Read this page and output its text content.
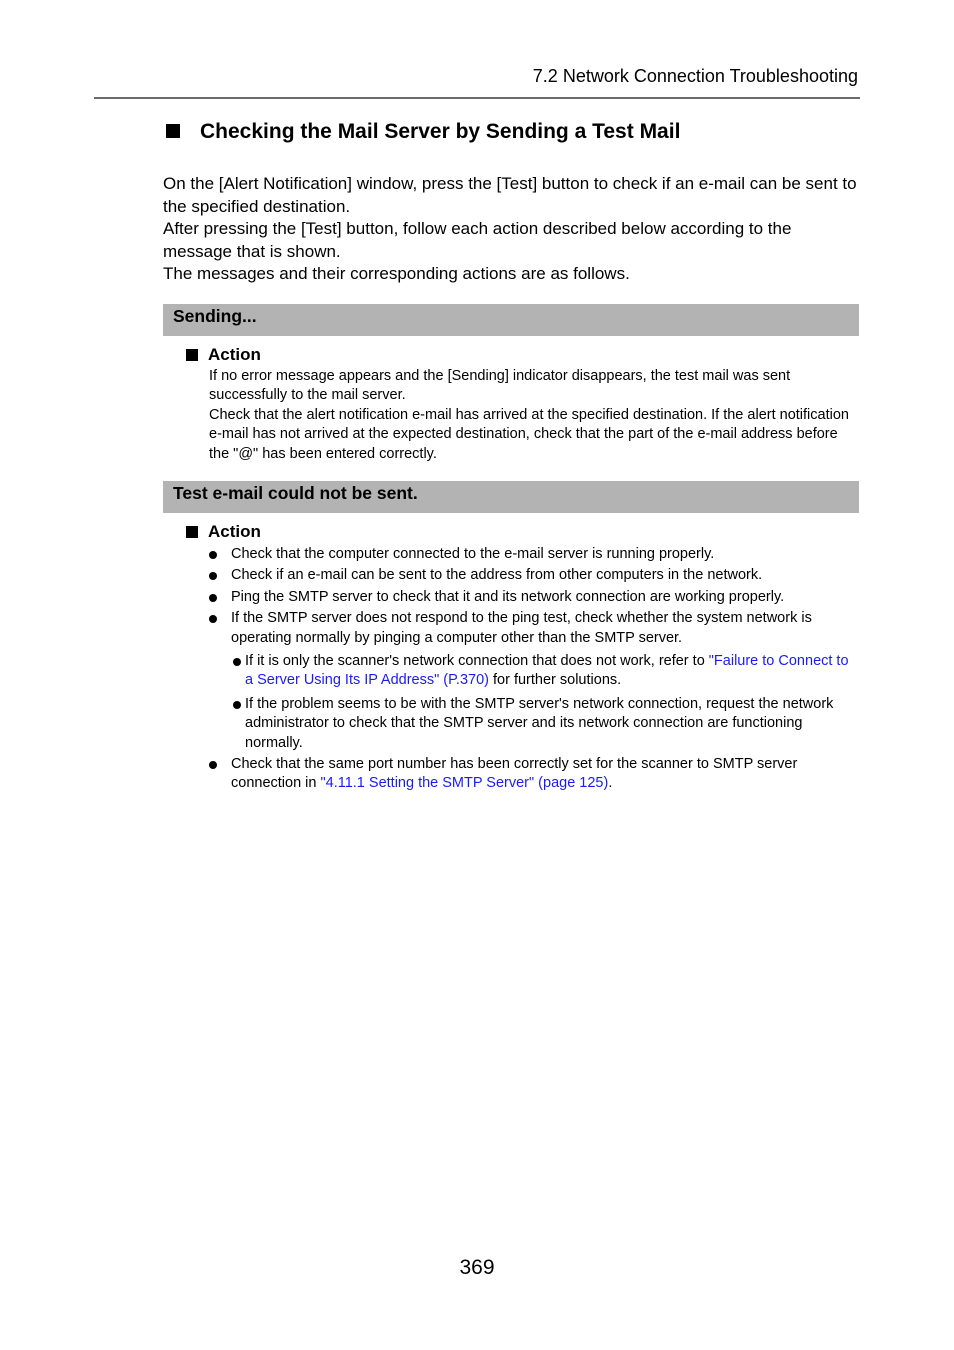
7.2 Network Connection Troubleshooting
Checking the Mail Server by Sending a Test Mail

On the [Alert Notification] window, press the [Test] button to check if an e-mail can be sent to the specified destination.

After pressing the [Test] button, follow each action described below according to the message that is shown.

The messages and their corresponding actions are as follows.

Sending...
Action

If no error message appears and the [Sending] indicator disappears, the test mail was sent successfully to the mail server.

Check that the alert notification e-mail has arrived at the specified destination. If the alert notification e-mail has not arrived at the expected destination, check that the part of the e-mail address before the "@" has been entered correctly.

Test e-mail could not be sent.
Action
Check that the computer connected to the e-mail server is running properly.
Check if an e-mail can be sent to the address from other computers in the network.
Ping the SMTP server to check that it and its network connection are working properly.
If the SMTP server does not respond to the ping test, check whether the system network is operating normally by pinging a computer other than the SMTP server.
If it is only the scanner's network connection that does not work, refer to "Failure to Connect to a Server Using Its IP Address" (P.370) for further solutions.
If the problem seems to be with the SMTP server's network connection, request the network administrator to check that the SMTP server and its network connection are functioning normally.
Check that the same port number has been correctly set for the scanner to SMTP server connection in "4.11.1 Setting the SMTP Server" (page 125).
369
